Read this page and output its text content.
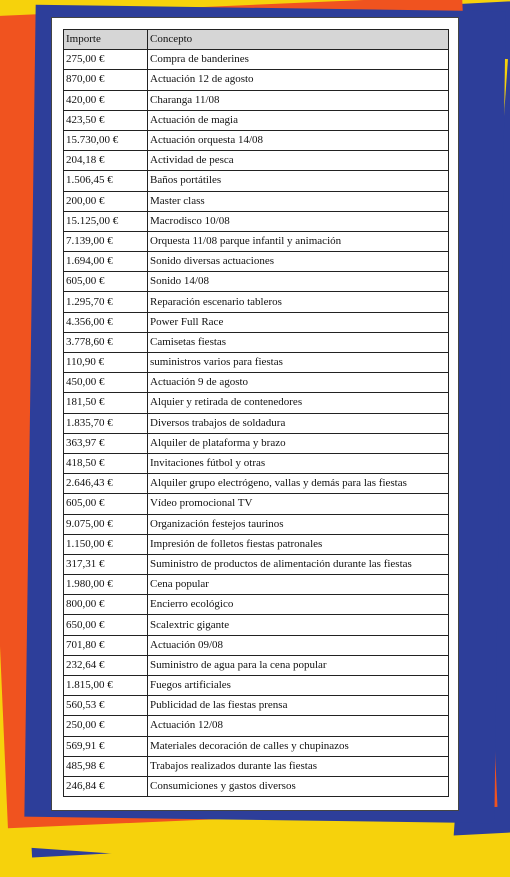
Importe	Concepto
275,00 €	Compra de banderines
870,00 €	Actuación 12 de agosto
420,00 €	Charanga 11/08
423,50 €	Actuación de magia
15.730,00 €	Actuación orquesta 14/08
204,18 €	Actividad de pesca
1.506,45 €	Baños portátiles
200,00 €	Master class
15.125,00 €	Macrodisco 10/08
7.139,00 €	Orquesta 11/08 parque infantil y animación
1.694,00 €	Sonido diversas actuaciones
605,00 €	Sonido 14/08
1.295,70 €	Reparación escenario tableros
4.356,00 €	Power Full Race
3.778,60 €	Camisetas fiestas
110,90 €	suministros varios para fiestas
450,00 €	Actuación 9 de agosto
181,50 €	Alquier y retirada de contenedores
1.835,70 €	Diversos trabajos de soldadura
363,97 €	Alquiler de plataforma y brazo
418,50 €	Invitaciones fútbol y otras
2.646,43 €	Alquiler grupo electrógeno, vallas y demás para las fiestas
605,00 €	Vídeo promocional TV
9.075,00 €	Organización festejos taurinos
1.150,00 €	Impresión de folletos fiestas patronales
317,31 €	Suministro de productos de alimentación durante las fiestas
1.980,00 €	Cena popular
800,00 €	Encierro ecológico
650,00 €	Scalextric gigante
701,80 €	Actuación 09/08
232,64 €	Suministro de agua para la cena popular
1.815,00 €	Fuegos artificiales
560,53 €	Publicidad de las fiestas prensa
250,00 €	Actuación 12/08
569,91 €	Materiales decoración de calles y chupinazos
485,98 €	Trabajos realizados durante las fiestas
246,84 €	Consumiciones y gastos diversos
